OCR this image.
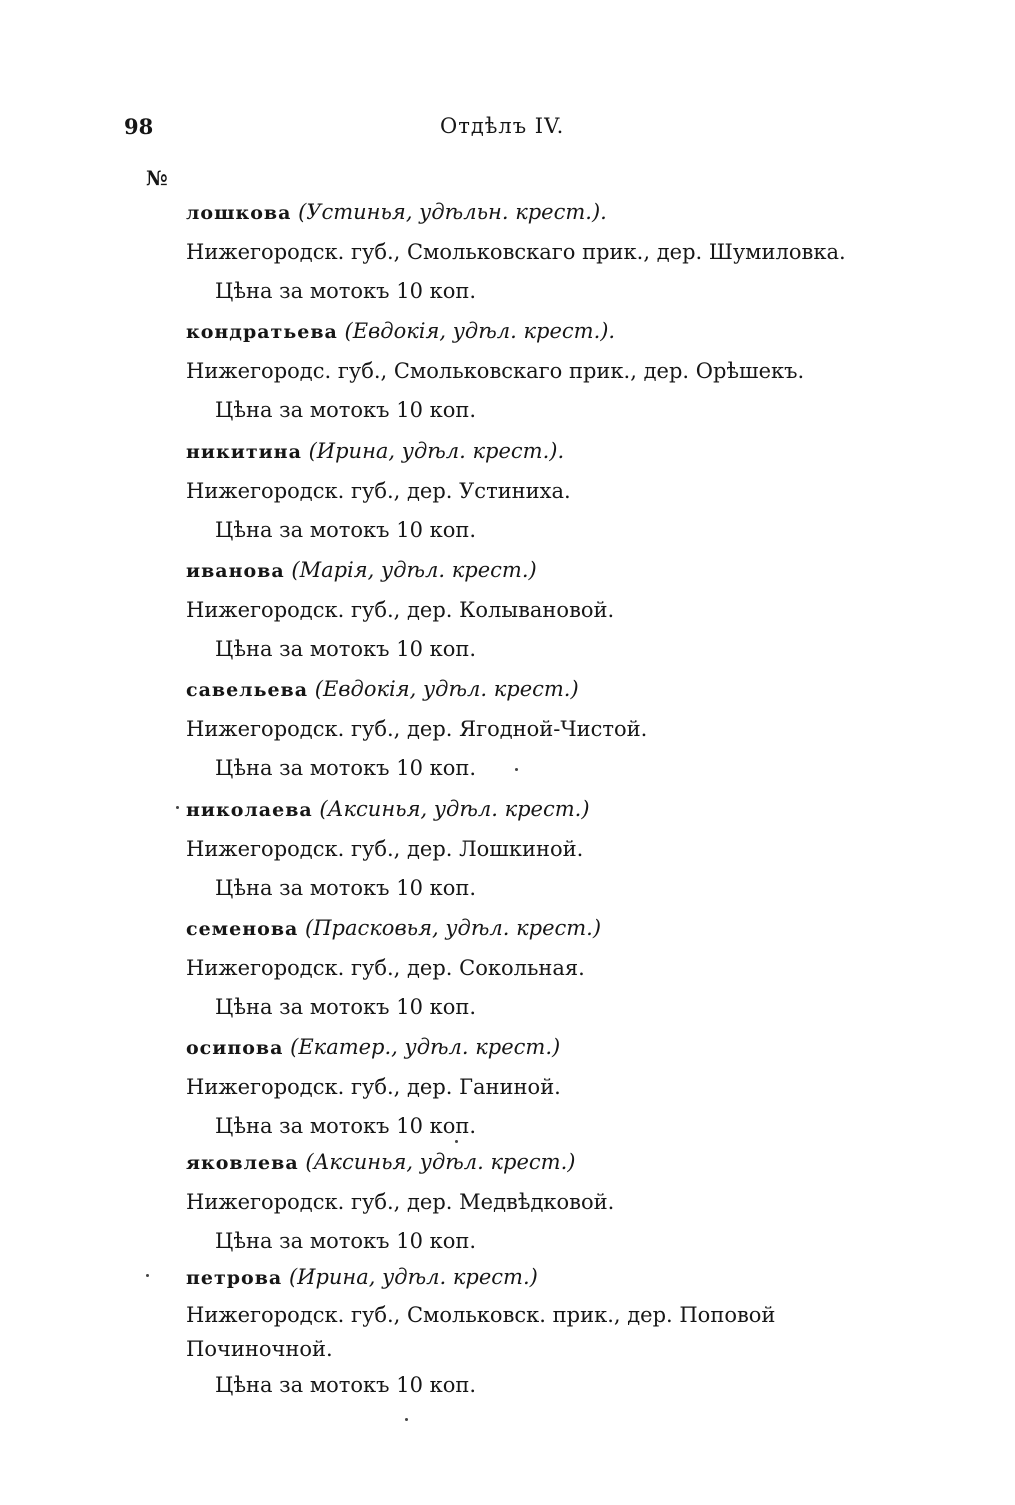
98	Отдѣлъ IV.
№
лошкова (Устинья, удѣльн. крест.).
Нижегородск. губ., Смольковскаго прик., дер. Шумиловка.
Цѣна за мотокъ 10 коп.
кондратьева (Евдокія, удѣл. крест.).
Нижегородс. губ., Смольковскаго прик., дер. Орѣшекъ.
Цѣна за мотокъ 10 коп.
никитина (Ирина, удѣл. крест.).
Нижегородск. губ., дер. Устиниха.
Цѣна за мотокъ 10 коп.
иванова (Марія, удѣл. крест.)
Нижегородск. губ., дер. Колывановой.
Цѣна за мотокъ 10 коп.
савельева (Евдокія, удѣл. крест.)
Нижегородск. губ., дер. Ягодной-Чистой.
Цѣна за мотокъ 10 коп.
николаева (Аксинья, удѣл. крест.)
Нижегородск. губ., дер. Лошкиной.
Цѣна за мотокъ 10 коп.
семенова (Прасковья, удѣл. крест.)
Нижегородск. губ., дер. Сокольная.
Цѣна за мотокъ 10 коп.
осипова (Екатер., удѣл. крест.)
Нижегородск. губ., дер. Ганиной.
Цѣна за мотокъ 10 коп.
яковлева (Аксинья, удѣл. крест.)
Нижегородск. губ., дер. Медвѣдковой.
Цѣна за мотокъ 10 коп.
петрова (Ирина, удѣл. крест.)
Нижегородск. губ., Смольковск. прик., дер. Поповой Починочной.
Цѣна за мотокъ 10 коп.
